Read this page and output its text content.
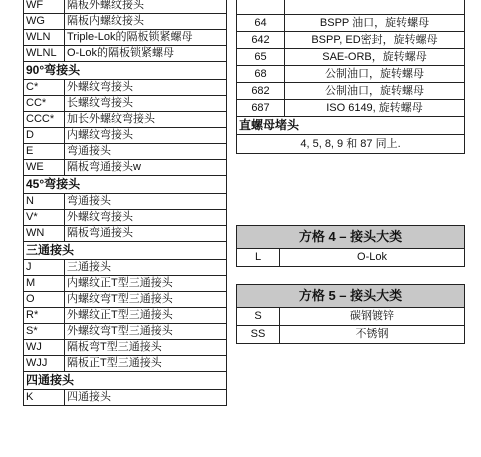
WF	隔板外螺纹接头
WG	隔板内螺纹接头
WLN	Triple-Lok的隔板锁紧螺母
WLNL	O-Lok的隔板锁紧螺母
90°弯接头	
C*	外螺纹弯接头
CC*	长螺纹弯接头
CCC*	加长外螺纹弯接头
D	内螺纹弯接头
E	弯通接头
WE	隔板弯通接头w
45°弯接头	
N	弯通接头
V*	外螺纹弯接头
WN	隔板弯通接头
三通接头	
J	三通接头
M	内螺纹正T型三通接头
O	内螺纹弯T型三通接头
R*	外螺纹正T型三通接头
S*	外螺纹弯T型三通接头
WJ	隔板弯T型三通接头
WJJ	隔板正T型三通接头
四通接头	
K	四通接头

64	BSPP 油口，旋转螺母
642	BSPP, ED密封，旋转螺母
65	SAE-ORB，旋转螺母
68	公制油口，旋转螺母
682	公制油口，旋转螺母
687	ISO 6149, 旋转螺母
直螺母堵头	
4, 5, 8, 9 和 87 同上.	
方格 4 – 接头大类
L	O-Lok
方格 5 – 接头大类	
S	碳钢镀锌
SS	不锈钢
